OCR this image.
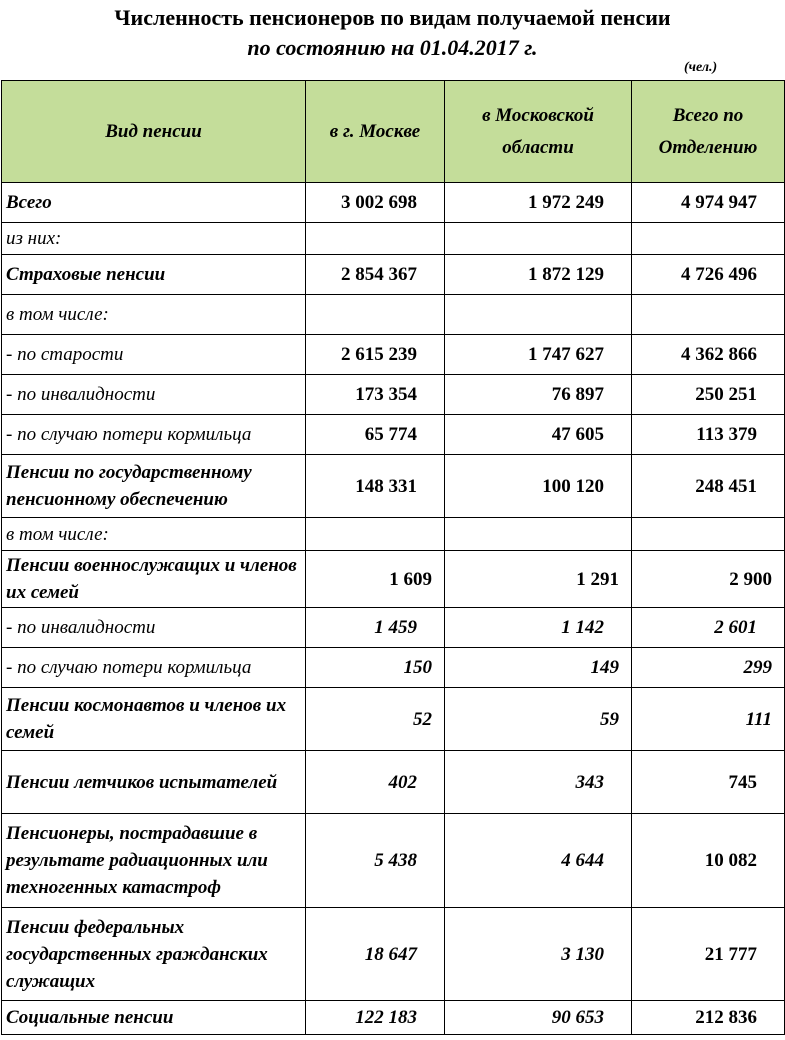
Численность пенсионеров по видам получаемой пенсии
по состоянию на 01.04.2017 г.
(чел.)
Вид пенсии	в г. Москве	в Московской области	Всего по Отделению
Всего	3 002 698	1 972 249	4 974 947
из них:			
Страховые пенсии	2 854 367	1 872 129	4 726 496
в том числе:			
- по старости	2 615 239	1 747 627	4 362 866
- по инвалидности	173 354	76 897	250 251
- по случаю потери кормильца	65 774	47 605	113 379
Пенсии по государственному пенсионному обеспечению	148 331	100 120	248 451
в том числе:			
Пенсии военнослужащих и членов их семей	1 609	1 291	2 900
- по инвалидности	1 459	1 142	2 601
- по случаю потери кормильца	150	149	299
Пенсии космонавтов и членов их семей	52	59	111
Пенсии летчиков испытателей	402	343	745
Пенсионеры, пострадавшие в результате радиационных или техногенных катастроф	5 438	4 644	10 082
Пенсии федеральных государственных гражданских служащих	18 647	3 130	21 777
Социальные пенсии	122 183	90 653	212 836
